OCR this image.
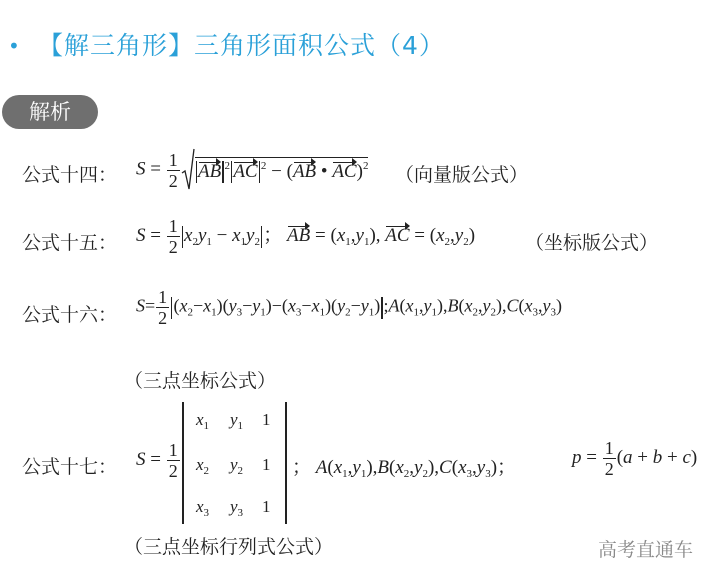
• 【解三角形】三角形面积公式（4）
解析
公式十四： $S = \frac{1}{2}$ AB $^2$ AC $^2$ − (AB • AC)$^2$ （向量版公式）
公式十五： $S = \frac{1}{2} x_2y_1 - x_1y_2$ ； AB = $(x_1,y_1)$, AC = $(x_2,y_2)$	（坐标版公式）
公式十六： $S= \frac{1}{2} (x_2-x_1)(y_3-y_1)-(x_3-x_1)(y_2-y_1)$ $;A(x_1,y_1),B(x_2,y_2),C(x_3,y_3)$
（三点坐标公式）
公式十七： $S = \frac{1}{2}$
$x_1$ $y_1$ 1
$x_2$ $y_2$ 1
$x_3$ $y_3$ 1
； $A(x_1,y_1),B(x_2,y_2),C(x_3,y_3)$；	$p = \frac{1}{2} (a + b + c)$
（三点坐标行列式公式）	高考直通车
